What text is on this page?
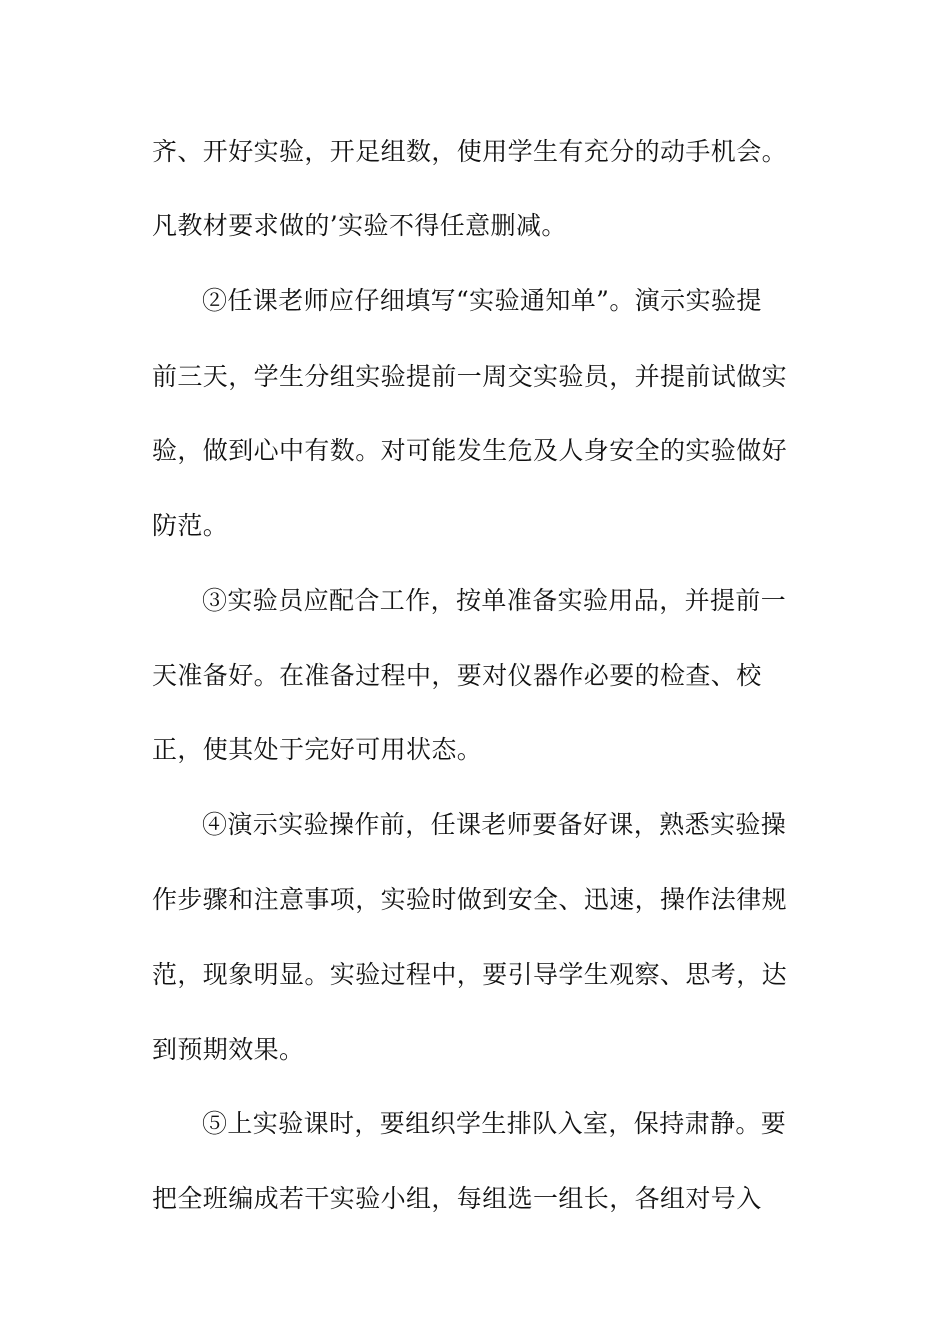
齐、开好实验，开足组数，使用学生有充分的动手机会。
凡教材要求做的’实验不得任意删减。
②任课老师应仔细填写“实验通知单”。演示实验提
前三天，学生分组实验提前一周交实验员，并提前试做实
验，做到心中有数。对可能发生危及人身安全的实验做好
防范。
③实验员应配合工作，按单准备实验用品，并提前一
天准备好。在准备过程中，要对仪器作必要的检查、校
正，使其处于完好可用状态。
④演示实验操作前，任课老师要备好课，熟悉实验操
作步骤和注意事项，实验时做到安全、迅速，操作法律规
范，现象明显。实验过程中，要引导学生观察、思考，达
到预期效果。
⑤上实验课时，要组织学生排队入室，保持肃静。要
把全班编成若干实验小组，每组选一组长，各组对号入
